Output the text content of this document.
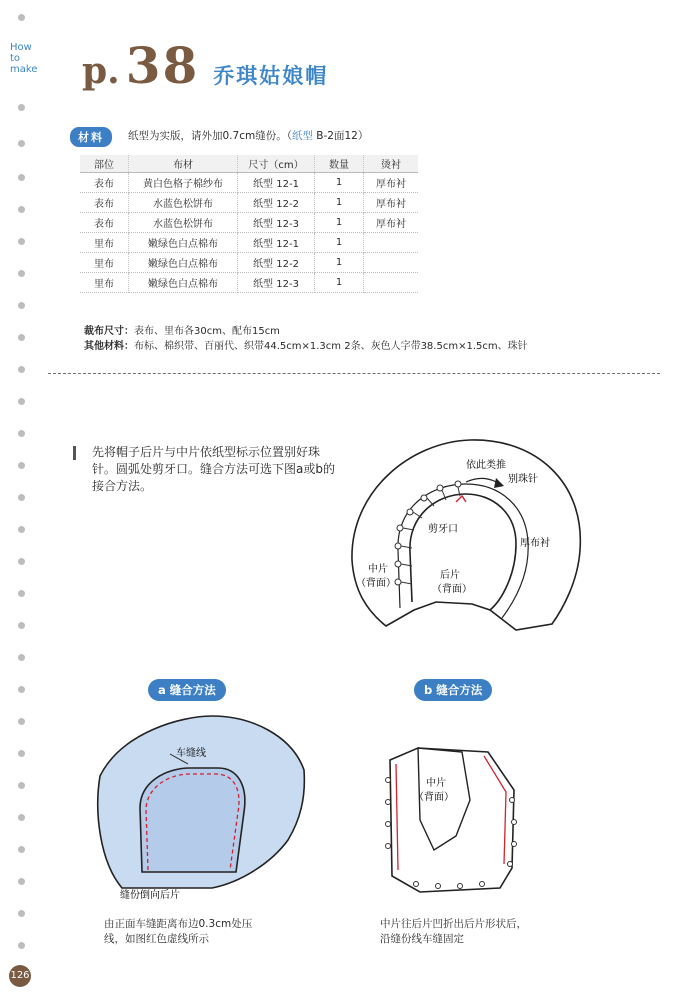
How
to
make p. 38 乔琪姑娘帽
材料	纸型为实版，请外加0.7cm缝份。（纸型 B-2面12）
部位	布材	尺寸（cm）	数量	烫衬
表布	黄白色格子棉纱布	纸型 12-1	1	厚布衬
表布	水蓝色松饼布	纸型 12-2	1	厚布衬
表布	水蓝色松饼布	纸型 12-3	1	厚布衬
里布	嫩绿色白点棉布	纸型 12-1	1	
里布	嫩绿色白点棉布	纸型 12-2	1	
里布	嫩绿色白点棉布	纸型 12-3	1	
裁布尺寸：表布、里布各30cm、配布15cm
其他材料：布标、棉织带、百丽代、织带44.5cm×1.3cm 2条、灰色人字带38.5cm×1.5cm、珠针
先将帽子后片与中片依纸型标示位置别好珠针。圆弧处剪牙口。缝合方法可选下图a或b的接合方法。
依此类推
别珠针
剪牙口
厚布衬
中片
（背面）
后片
（背面）
a 缝合方法
车缝线
缝份倒向后片
由正面车缝距离布边0.3cm处压
线，如图红色虚线所示
b 缝合方法
中片
（背面）
中片往后片凹折出后片形状后，
沿缝份线车缝固定
126
